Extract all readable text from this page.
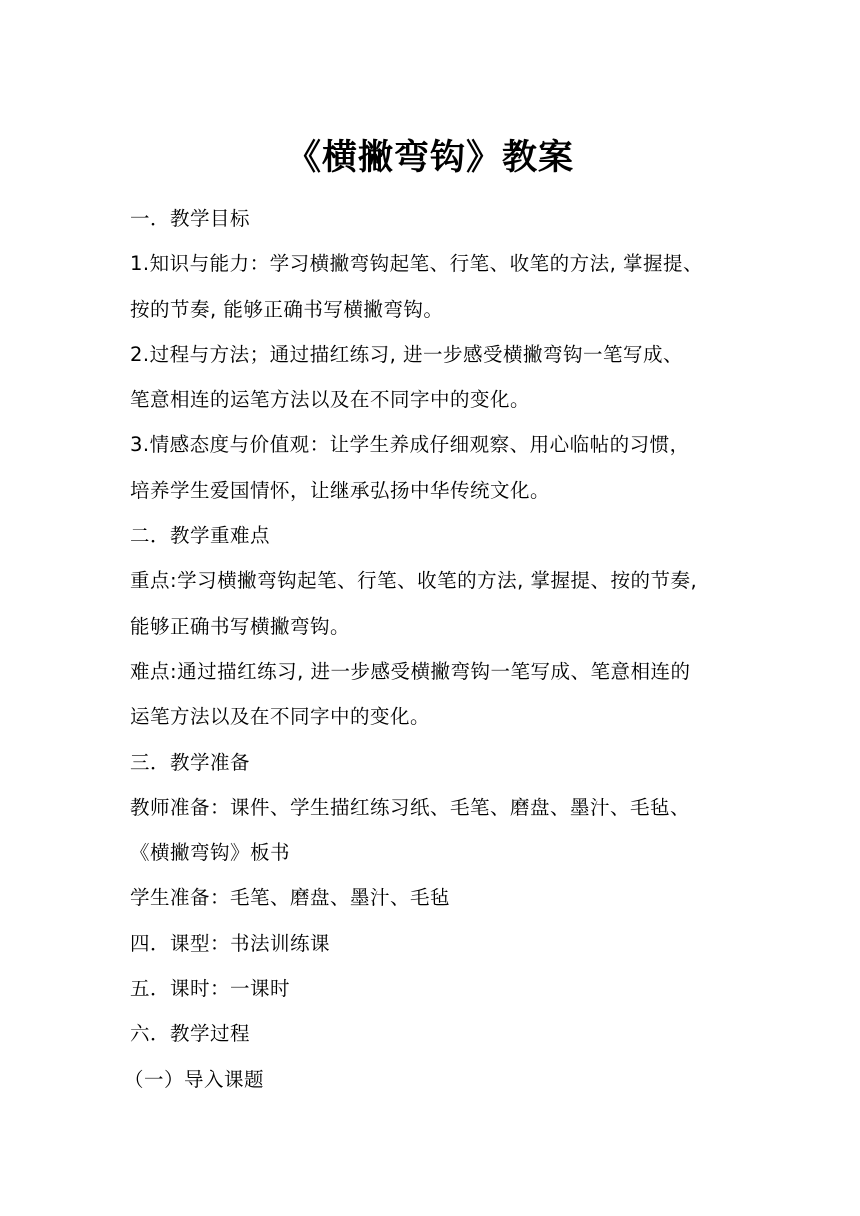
《横撇弯钩》教案
一．教学目标
1.知识与能力：学习横撇弯钩起笔、行笔、收笔的方法, 掌握提、
按的节奏, 能够正确书写横撇弯钩。
2.过程与方法；通过描红练习, 进一步感受横撇弯钩一笔写成、
笔意相连的运笔方法以及在不同字中的变化。
3.情感态度与价值观：让学生养成仔细观察、用心临帖的习惯，
培养学生爱国情怀，让继承弘扬中华传统文化。
二．教学重难点
重点:学习横撇弯钩起笔、行笔、收笔的方法, 掌握提、按的节奏,
能够正确书写横撇弯钩。
难点:通过描红练习, 进一步感受横撇弯钩一笔写成、笔意相连的
运笔方法以及在不同字中的变化。
三．教学准备
教师准备：课件、学生描红练习纸、毛笔、磨盘、墨汁、毛毡、
《横撇弯钩》板书
学生准备：毛笔、磨盘、墨汁、毛毡
四．课型：书法训练课
五．课时：一课时
六．教学过程
（一）导入课题
